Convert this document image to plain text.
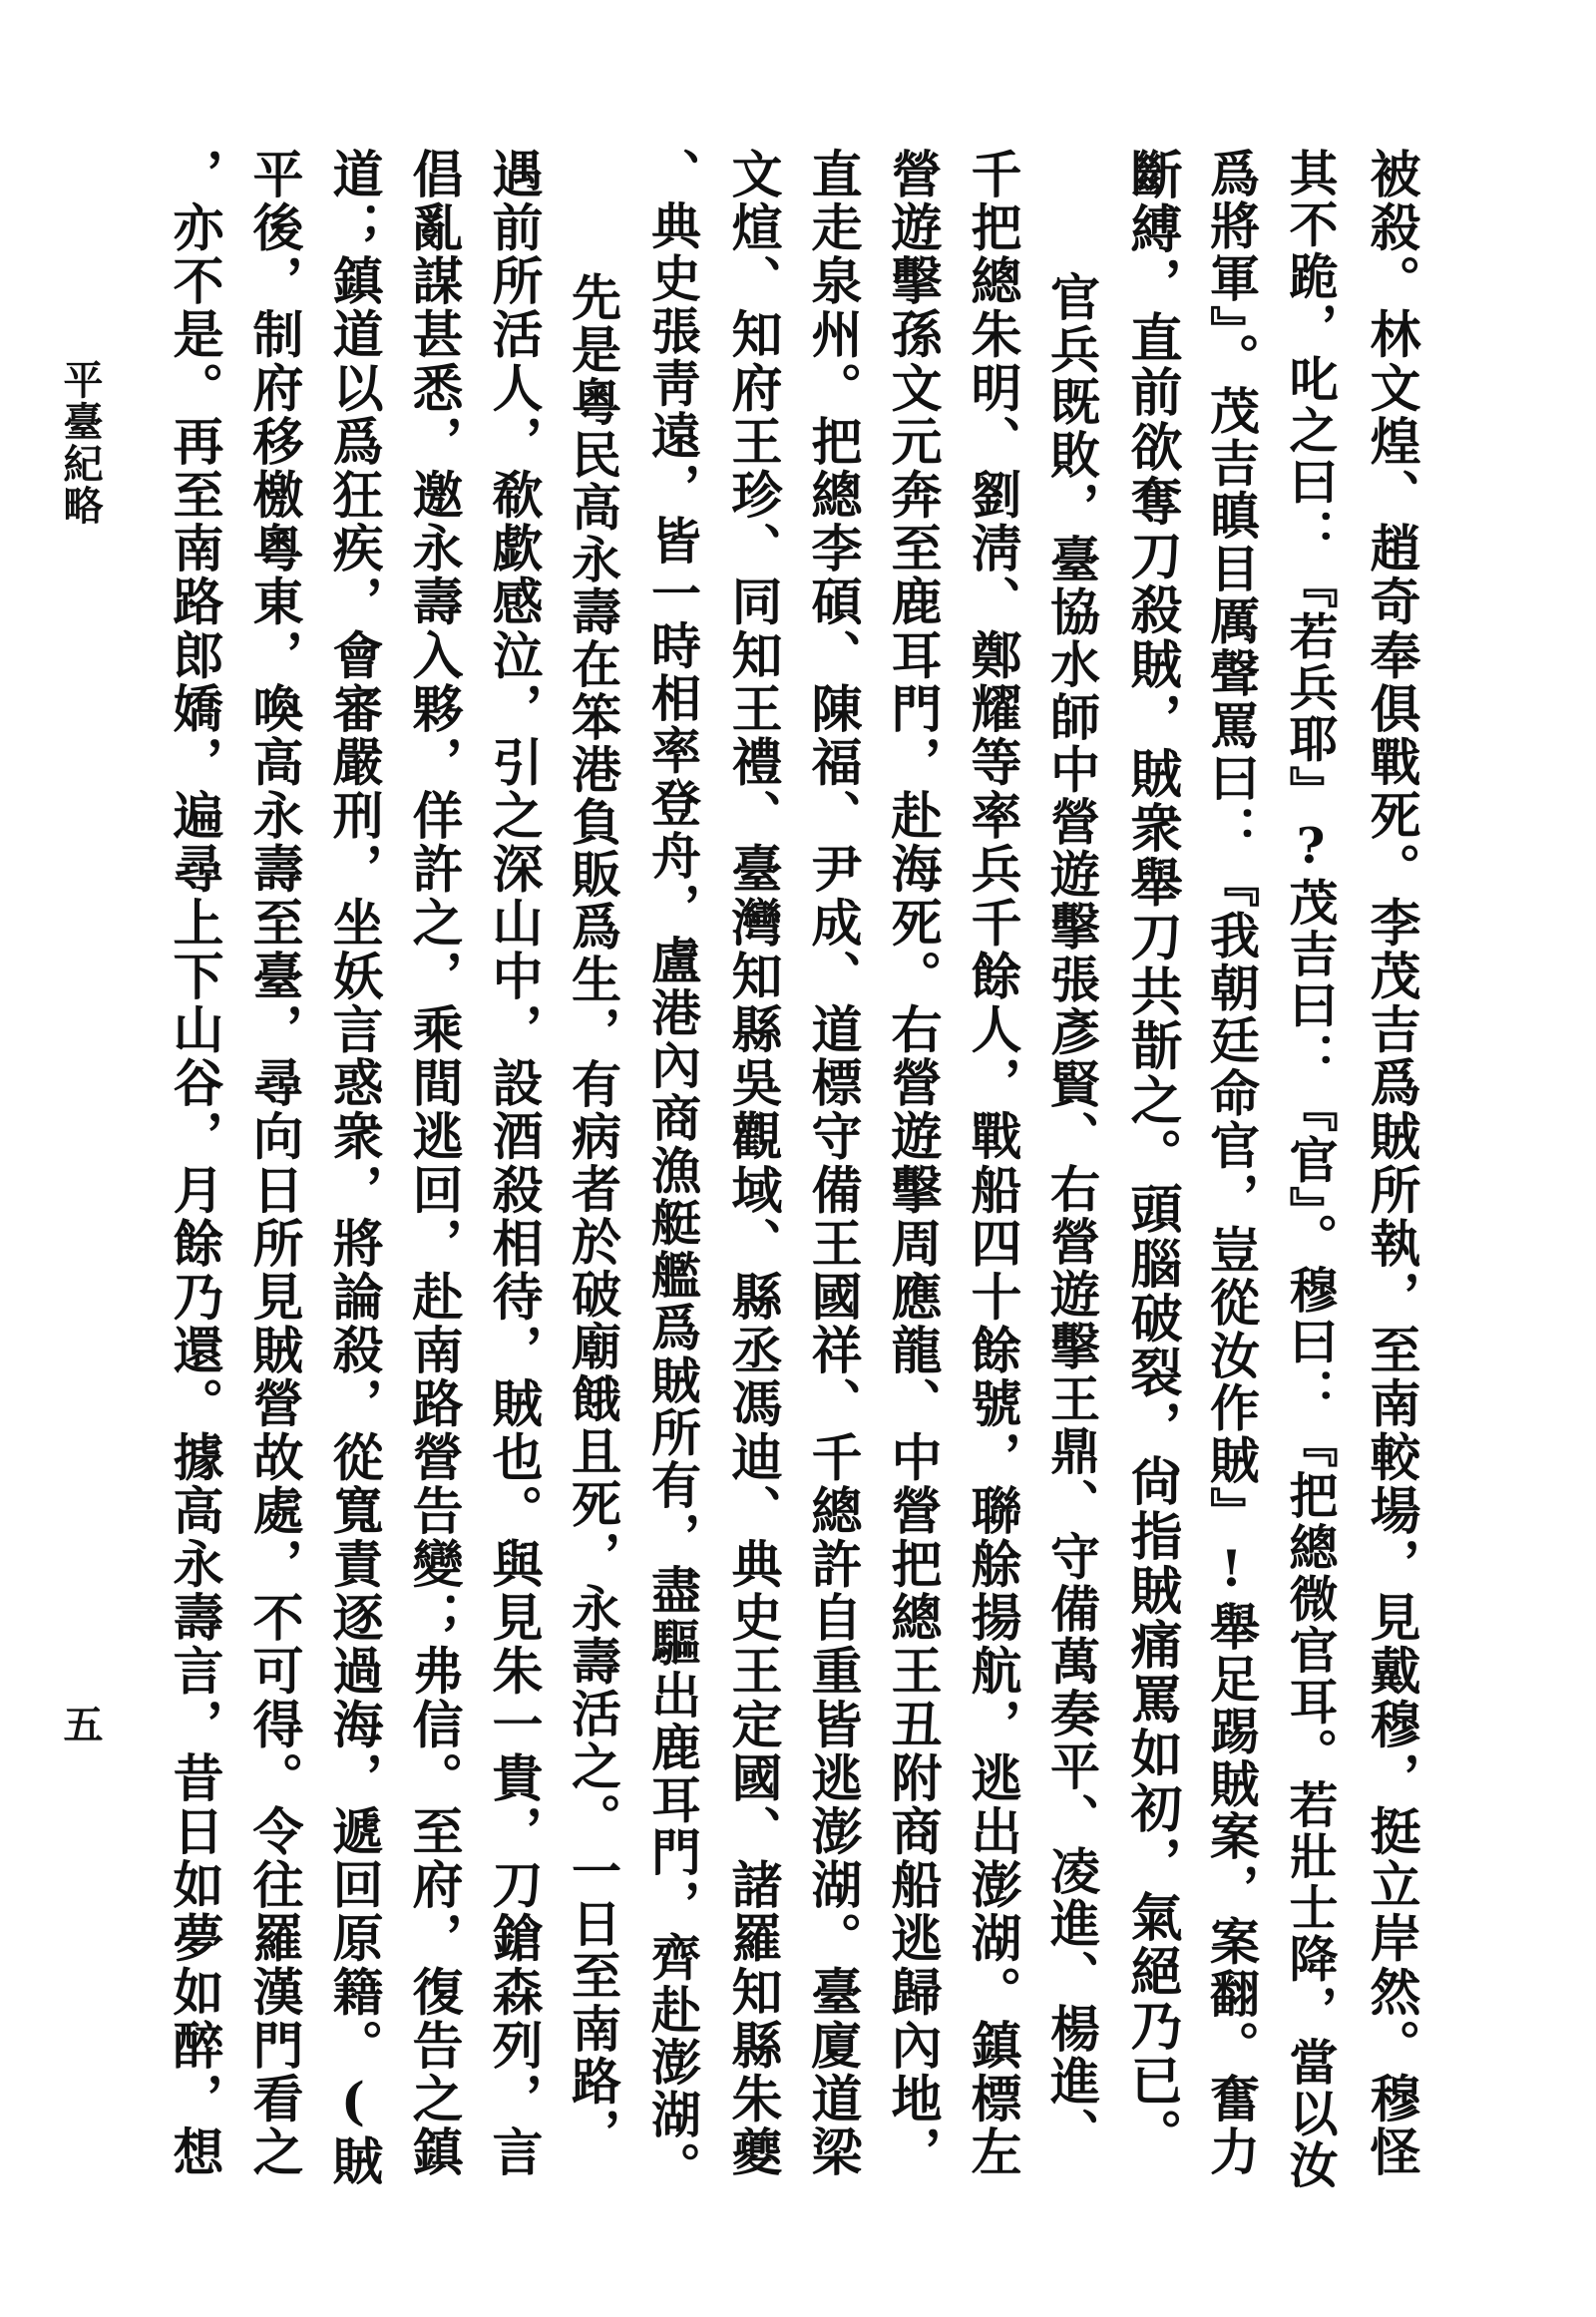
被殺。林文煌、趙奇奉俱戰死。李茂吉爲賊所執，至南較場，見戴穆，挺立岸然。穆怪
其不跪，叱之曰：『若兵耶』?茂吉曰：『官』。穆曰：『把總微官耳。若壯士降，當以汝
爲將軍』。茂吉瞋目厲聲罵曰：『我朝廷命官，豈從汝作賊』!舉足踢賊案，案翻。奮力
斷縛，直前欲奪刀殺賊，賊衆舉刀共斮之。頭腦破裂，尙指賊痛罵如初，氣絕乃已。
官兵既敗，臺協水師中營遊擊張彥賢、右營遊擊王鼎、守備萬奏平、凌進、楊進、
千把總朱明、劉淸、鄭耀等率兵千餘人，戰船四十餘號，聯艅揚航，逃出澎湖。鎮標左
營遊擊孫文元奔至鹿耳門，赴海死。右營遊擊周應龍、中營把總王丑附商船逃歸內地，
直走泉州。把總李碩、陳福、尹成、道標守備王國祥、千總許自重皆逃澎湖。臺廈道梁
文煊、知府王珍、同知王禮、臺灣知縣吳觀域、縣丞馮迪、典史王定國、諸羅知縣朱夔
、典史張靑遠，皆一時相率登舟，盧港內商漁艇艦爲賊所有，盡驅出鹿耳門，齊赴澎湖。
先是粵民高永壽在笨港負販爲生，有病者於破廟餓且死，永壽活之。一日至南路，
遇前所活人，欷歔感泣，引之深山中，設酒殺相待，賊也。與見朱一貴，刀鎗森列，言
倡亂謀甚悉，邀永壽入夥，佯許之，乘間逃回，赴南路營告變；弗信。至府，復告之鎮
道；鎮道以爲狂疾，會審嚴刑，坐妖言惑衆，將論殺，從寬責逐過海，遞回原籍。(賊
平後，制府移檄粵東，喚高永壽至臺，尋向日所見賊營故處，不可得。令往羅漢門看之
，亦不是。再至南路郎嬌，遍尋上下山谷，月餘乃還。據高永壽言，昔日如夢如醉，想
平臺紀略
五
